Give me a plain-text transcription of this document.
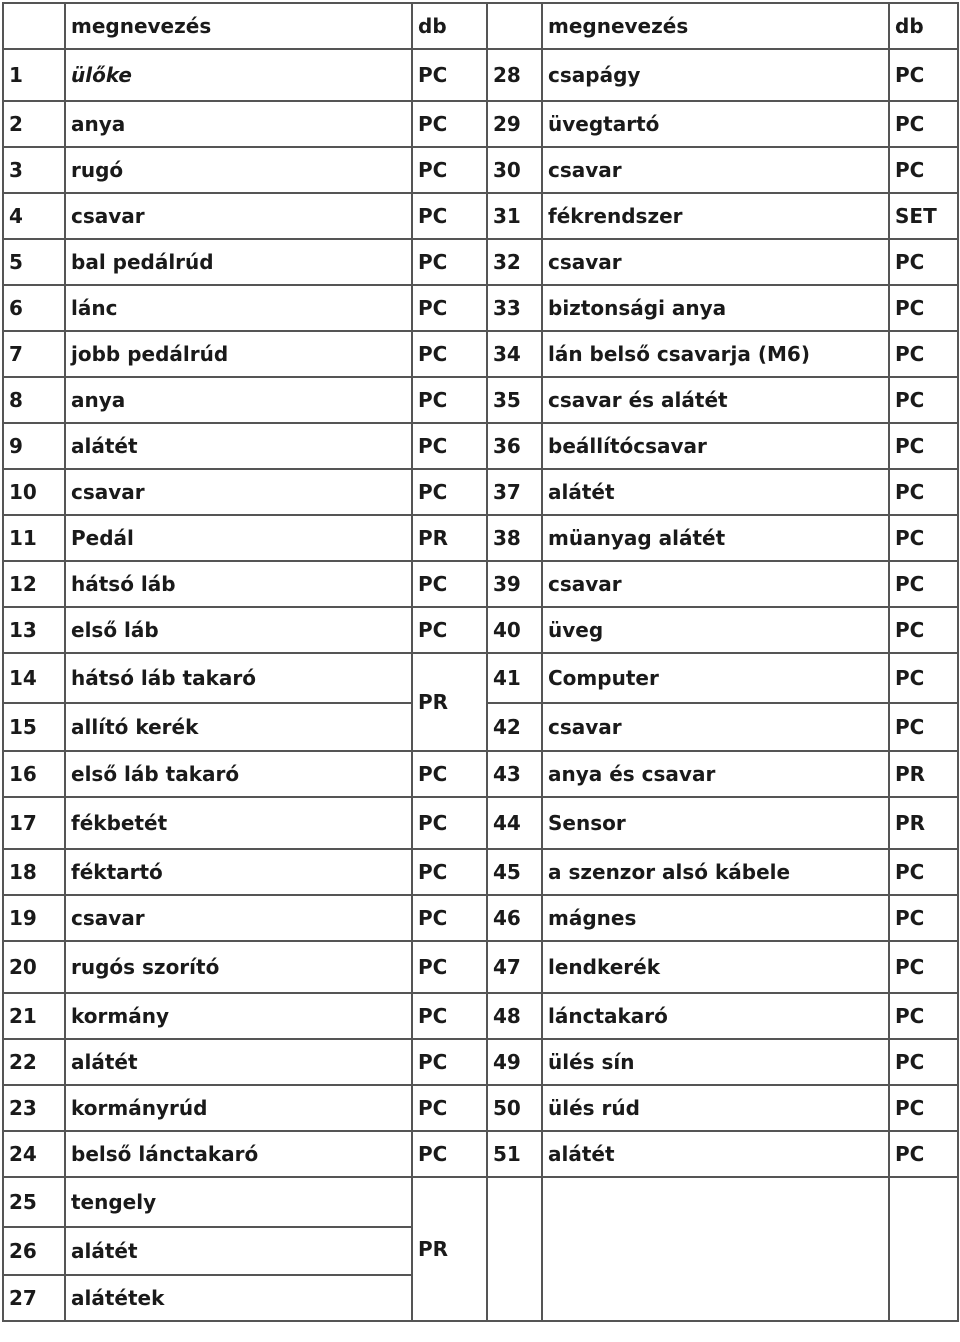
	megnevezés	db		megnevezés	db
1	ülőke	PC	28	csapágy	PC
2	anya	PC	29	üvegtartó	PC
3	rugó	PC	30	csavar	PC
4	csavar	PC	31	fékrendszer	SET
5	bal pedálrúd	PC	32	csavar	PC
6	lánc	PC	33	biztonsági anya	PC
7	jobb pedálrúd	PC	34	lán belső csavarja (M6)	PC
8	anya	PC	35	csavar és alátét	PC
9	alátét	PC	36	beállítócsavar	PC
10	csavar	PC	37	alátét	PC
11	Pedál	PR	38	müanyag alátét	PC
12	hátsó láb	PC	39	csavar	PC
13	első láb	PC	40	üveg	PC
14	hátsó láb takaró	PR	41	Computer	PC
15	allító kerék		42	csavar	PC
16	első láb takaró	PC	43	anya és csavar	PR
17	fékbetét	PC	44	Sensor	PR
18	féktartó	PC	45	a szenzor alsó kábele	PC
19	csavar	PC	46	mágnes	PC
20	rugós szorító	PC	47	lendkerék	PC
21	kormány	PC	48	lánctakaró	PC
22	alátét	PC	49	ülés sín	PC
23	kormányrúd	PC	50	ülés rúd	PC
24	belső lánctakaró	PC	51	alátét	PC
25	tengely	PR			
26	alátét				
27	alátétek				
